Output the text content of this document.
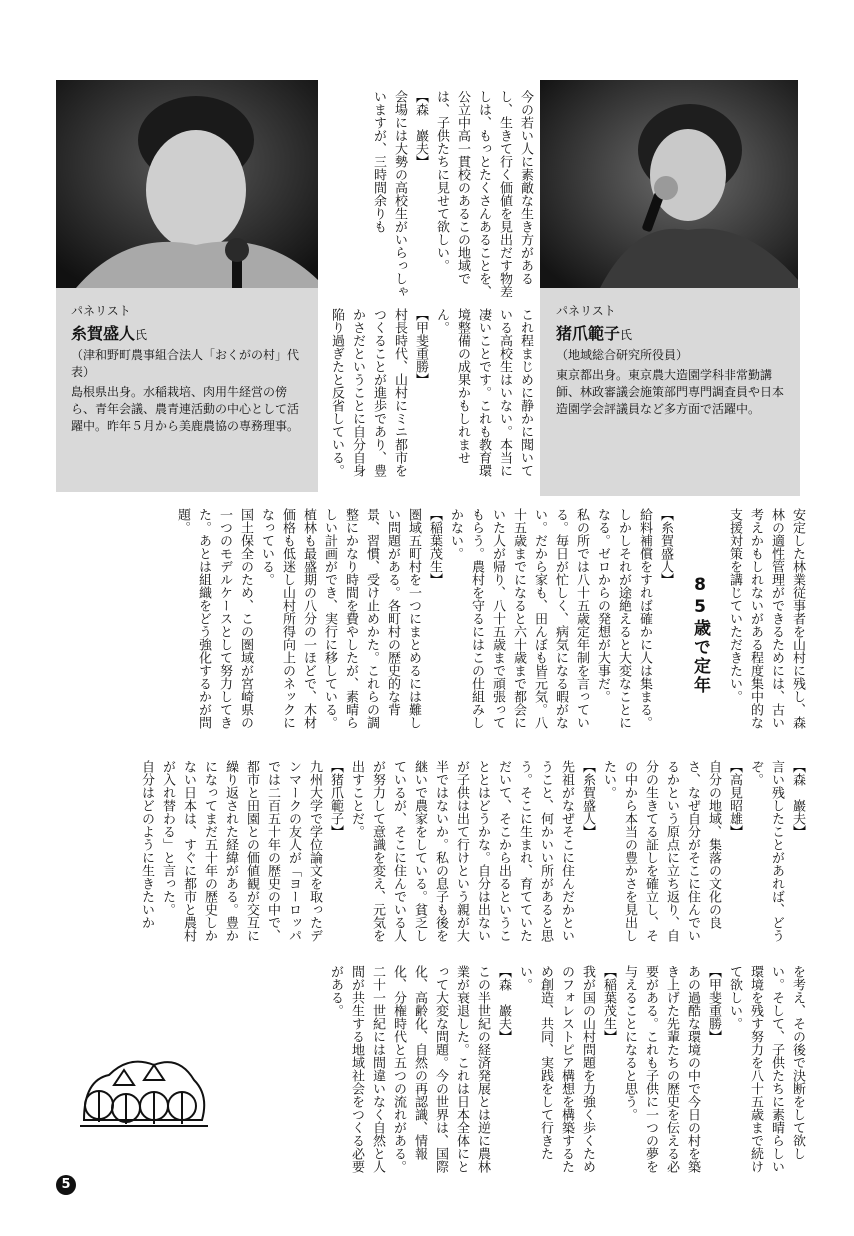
パネリスト

猪爪範子氏

（地域総合研究所役員）

東京都出身。東京農大造園学科非常勤講師、林政審議会施策部門専門調査員や日本造園学会評議員など多方面で活躍中。

パネリスト

糸賀盛人氏

（津和野町農事組合法人「おくがの村」代表）

島根県出身。水稲栽培、肉用牛経営の傍ら、青年会議、農青連活動の中心として活躍中。昨年５月から美鹿農協の専務理事。

今の若い人に素敵な生き方があるし、生きて行く価値を見出だす物差しは、もっとたくさんあることを、公立中高一貫校のあるこの地域では、子供たちに見せて欲しい。
【森　巖夫】
会場には大勢の高校生がいらっしゃいますが、三時間余りも
これ程まじめに静かに聞いている高校生はいない。本当に凄いことです。これも教育環境整備の成果かもしれません。
【甲斐重勝】
村長時代、山村にミニ都市をつくることが進歩であり、豊かさだということに自分自身陥り過ぎたと反省している。
85歳で定年	安定した林業従事者を山村に残し、森林の適性管理ができるためには、古い考えかもしれないがある程度集中的な支援対策を講じていただきたい。
【糸賀盛人】
給料補償をすれば確かに人は集まる。しかしそれが途絶えると大変なことになる。ゼロからの発想が大事だ。
私の所では八十五歳定年制を言っている。毎日が忙しく、病気になる暇がない。だから家も、田んぼも皆元気。八十五歳までになると六十歳まで都会にいた人が帰り、八十五歳まで頑張ってもらう。農村を守るにはこの仕組みしかない。
【稲葉茂生】
圏域五町村を一つにまとめるには難しい問題がある。各町村の歴史的な背景、習慣、受け止めかた。これらの調整にかなり時間を費やしたが、素晴らしい計画ができ、実行に移している。
植林も最盛期の八分の一ほどで、木材価格も低迷し山村所得向上のネックになっている。
国土保全のため、この圏域が宮崎県の一つのモデルケースとして努力してきた。あとは組織をどう強化するかが問題。
【森　巖夫】
言い残したことがあれば、どうぞ。
【高見昭雄】
自分の地域、集落の文化の良さ、なぜ自分がそこに住んでいるかという原点に立ち返り、自分の生きてる証しを確立し、その中から本当の豊かさを見出したい。
【糸賀盛人】
先祖がなぜそこに住んだかということ、何かいい所があると思う。そこに生まれ、育てていただいて、そこから出るということとはどうかな。自分は出ないが子供は出て行けという親が大半ではないか。私の息子も後を継いで農家をしている。貧乏しているが、そこに住んでいる人が努力して意識を変え、元気を出すことだ。
【猪爪範子】
九州大学で学位論文を取ったデンマークの友人が「ヨーロッパでは二百五十年の歴史の中で、都市と田園との価値観が交互に繰り返された経緯がある。豊かになってまだ五十年の歴史しかない日本は、すぐに都市と農村が入れ替わる」と言った。
自分はどのように生きたいか
を考え、その後で決断をして欲しい。そして、子供たちに素晴らしい環境を残す努力を八十五歳まで続けて欲しい。
【甲斐重勝】
あの過酷な環境の中で今日の村を築き上げた先輩たちの歴史を伝える必要がある。これも子供に一つの夢を与えることになると思う。
【稲葉茂生】
我が国の山村問題を力強く歩くためのフォレストピア構想を構築するため創造、共同、実践をして行きたい。
【森　巖夫】
この半世紀の経済発展とは逆に農林業が衰退した。これは日本全体にとって大変な問題。今の世界は、国際化、高齢化、自然の再認識、情報化、分権時代と五つの流れがある。二十一世紀には間違いなく自然と人間が共生する地域社会をつくる必要がある。
5
